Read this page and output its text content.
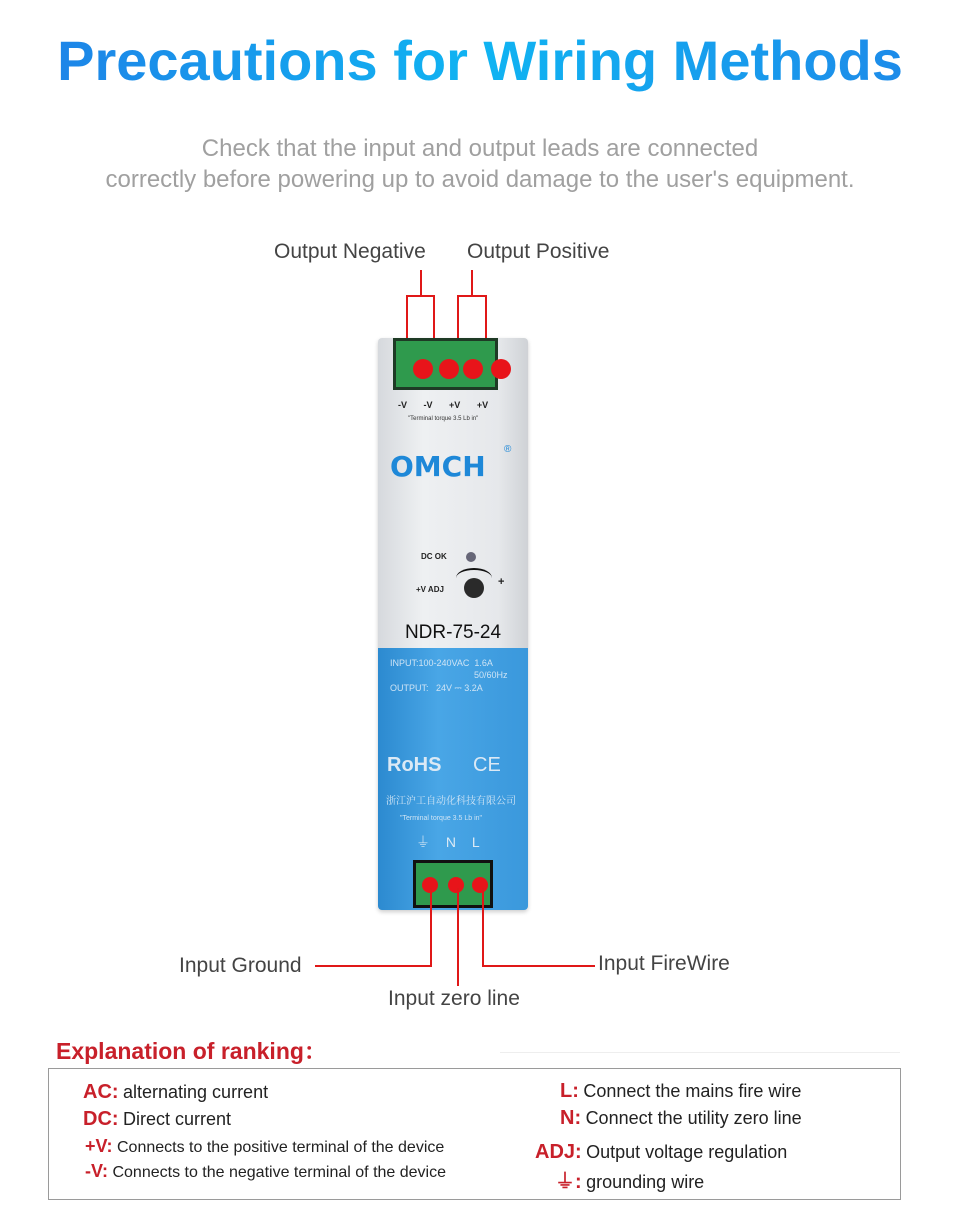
Precautions for Wiring Methods
Check that the input and output leads are connected
correctly before powering up to avoid damage to the user's equipment.
Output Negative Output Positive
-V -V +V +V
"Terminal torque 3.5 Lb in"
OMCH
®
DC OK
+V ADJ
+
NDR-75-24
INPUT:100-240VAC  1.6A
50/60Hz
OUTPUT:   24V ⎓ 3.2A
RoHS CE
浙江沪工自动化科技有限公司
"Terminal torque 3.5 Lb in"
⏚ N L
Input Ground
Input zero line
Input FireWire
Explanation of ranking：
AC: alternating current
DC: Direct current
+V: Connects to the positive terminal of the device
-V: Connects to the negative terminal of the device
L: Connect the mains fire wire
N: Connect the utility zero line
ADJ: Output voltage regulation
⏚: grounding wire
